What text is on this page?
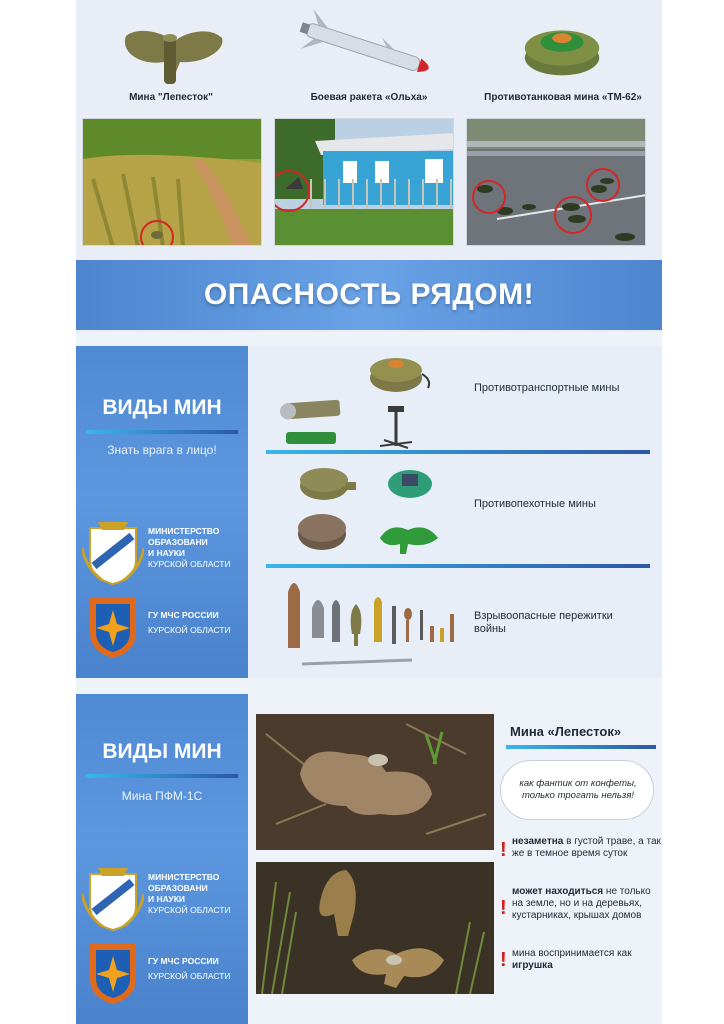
Мина "Лепесток"	Боевая ракета «Ольха»	Противотанковая мина «ТМ-62»
ОПАСНОСТЬ РЯДОМ!
ВИДЫ МИН
Знать врага в лицо!
МИНИСТЕРСТВО
ОБРАЗОВАНИ
И НАУКИ
КУРСКОЙ ОБЛАСТИ
ГУ МЧС РОССИИ
КУРСКОЙ ОБЛАСТИ
Противотранспортные мины
Противопехотные мины
Взрывоопасные пережитки войны
ВИДЫ МИН
Мина ПФМ-1С
МИНИСТЕРСТВО
ОБРАЗОВАНИ
И НАУКИ
КУРСКОЙ ОБЛАСТИ
ГУ МЧС РОССИИ
КУРСКОЙ ОБЛАСТИ
Мина «Лепесток»
как фантик от конфеты, только трогать нельзя!
! незаметна в густой траве, а так же в темное время суток
!
может находиться не только на земле, но и на деревьях, кустарниках, крышах домов
! мина воспринимается как игрушка
